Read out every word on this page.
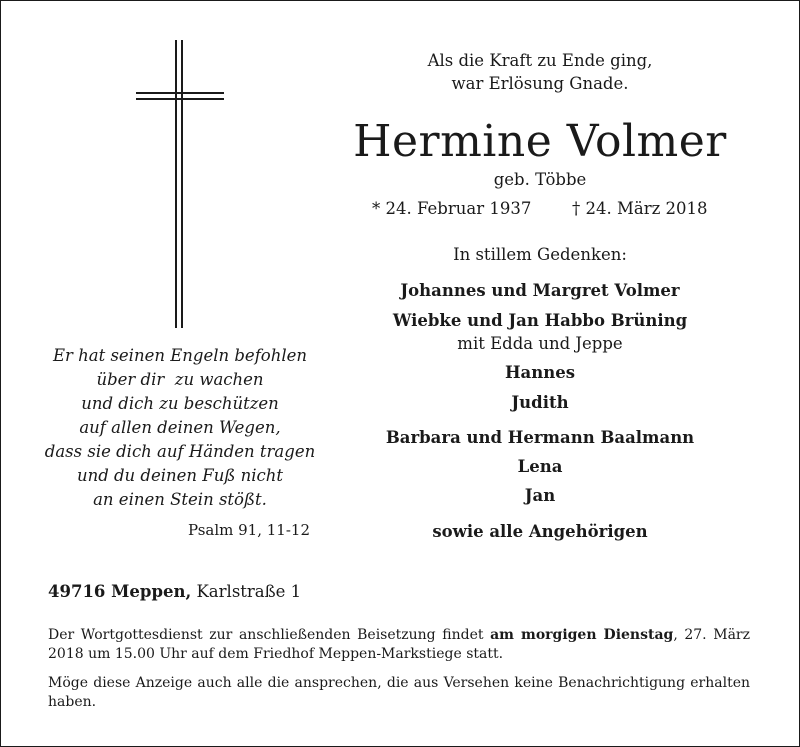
Als die Kraft zu Ende ging,
war Erlösung Gnade.
Hermine Volmer
geb. Többe
* 24. Februar 1937 † 24. März 2018
In stillem Gedenken:
Johannes und Margret Volmer
Wiebke und Jan Habbo Brüning
mit Edda und Jeppe
Hannes
Judith
Barbara und Hermann Baalmann
Lena
Jan
sowie alle Angehörigen
Er hat seinen Engeln befohlen
über dir  zu wachen
und dich zu beschützen
auf allen deinen Wegen,
dass sie dich auf Händen tragen
und du deinen Fuß nicht
an einen Stein stößt.
Psalm 91, 11-12
49716 Meppen, Karlstraße 1
Der Wortgottesdienst zur anschließenden Beisetzung findet am morgigen Dienstag, 27. März 2018 um 15.00 Uhr auf dem Friedhof Meppen-Markstiege statt.
Möge diese Anzeige auch alle die ansprechen, die aus Versehen keine Benachrichtigung erhalten haben.
